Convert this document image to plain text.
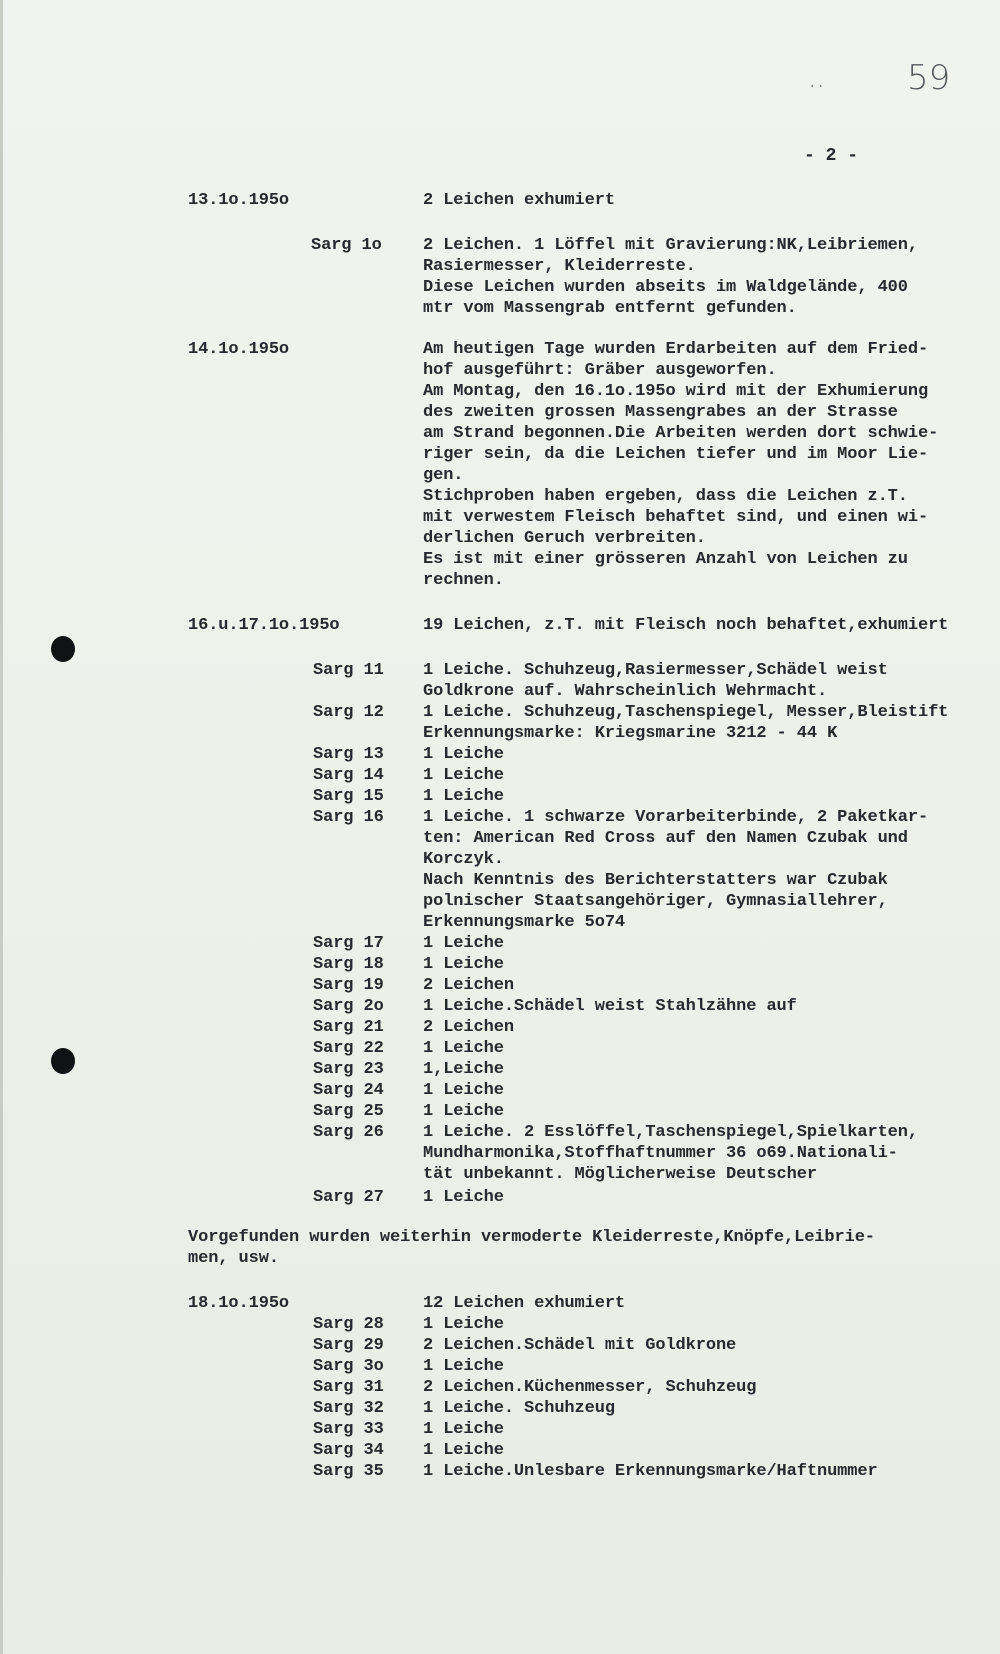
59
..
- 2 -
13.1o.195o	2 Leichen exhumiert
Sarg 1o 2 Leichen. 1 Löffel mit Gravierung:NK,Leibriemen,
Rasiermesser, Kleiderreste.
Diese Leichen wurden abseits im Waldgelände, 400
mtr vom Massengrab entfernt gefunden.
14.1o.195o	Am heutigen Tage wurden Erdarbeiten auf dem Fried-
hof ausgeführt: Gräber ausgeworfen.
Am Montag, den 16.1o.195o wird mit der Exhumierung
des zweiten grossen Massengrabes an der Strasse
am Strand begonnen.Die Arbeiten werden dort schwie-
riger sein, da die Leichen tiefer und im Moor Lie-
gen.
Stichproben haben ergeben, dass die Leichen z.T.
mit verwestem Fleisch behaftet sind, und einen wi-
derlichen Geruch verbreiten.
Es ist mit einer grösseren Anzahl von Leichen zu
rechnen.
16.u.17.1o.195o	19 Leichen, z.T. mit Fleisch noch behaftet,exhumiert
Sarg 11 1 Leiche. Schuhzeug,Rasiermesser,Schädel weist
Goldkrone auf. Wahrscheinlich Wehrmacht.
Sarg 12 1 Leiche. Schuhzeug,Taschenspiegel, Messer,Bleistift
Erkennungsmarke: Kriegsmarine 3212 - 44 K
Sarg 13 1 Leiche
Sarg 14 1 Leiche
Sarg 15 1 Leiche
Sarg 16 1 Leiche. 1 schwarze Vorarbeiterbinde, 2 Paketkar-
ten: American Red Cross auf den Namen Czubak und
Korczyk.
Nach Kenntnis des Berichterstatters war Czubak
polnischer Staatsangehöriger, Gymnasiallehrer,
Erkennungsmarke 5o74
Sarg 17 1 Leiche
Sarg 18 1 Leiche
Sarg 19 2 Leichen
Sarg 2o 1 Leiche.Schädel weist Stahlzähne auf
Sarg 21 2 Leichen
Sarg 22 1 Leiche
Sarg 23 1,Leiche
Sarg 24 1 Leiche
Sarg 25 1 Leiche
Sarg 26 1 Leiche. 2 Esslöffel,Taschenspiegel,Spielkarten,
Mundharmonika,Stoffhaftnummer 36 o69.Nationali-
tät unbekannt. Möglicherweise Deutscher
Sarg 27 1 Leiche
Vorgefunden wurden weiterhin vermoderte Kleiderreste,Knöpfe,Leibrie-
men, usw.
18.1o.195o	12 Leichen exhumiert
Sarg 28 1 Leiche
Sarg 29 2 Leichen.Schädel mit Goldkrone
Sarg 3o 1 Leiche
Sarg 31 2 Leichen.Küchenmesser, Schuhzeug
Sarg 32 1 Leiche. Schuhzeug
Sarg 33 1 Leiche
Sarg 34 1 Leiche
Sarg 35 1 Leiche.Unlesbare Erkennungsmarke/Haftnummer
